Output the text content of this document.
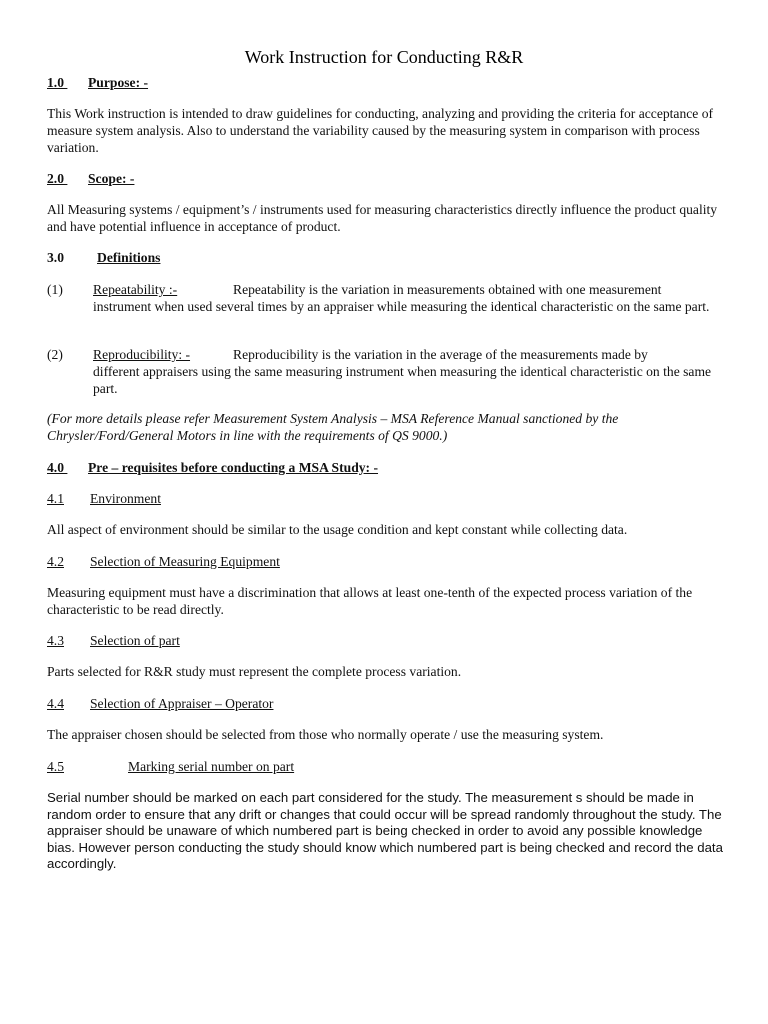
Work Instruction for Conducting R&R
1.0 Purpose: -
This Work instruction is intended to draw guidelines for conducting, analyzing and providing the criteria for acceptance of measure system analysis. Also to understand the variability caused by the measuring system in comparison with process variation.
2.0 Scope: -
All Measuring systems / equipment’s / instruments used for measuring characteristics directly influence the product quality and have potential influence in acceptance of product.
3.0 Definitions
(1) Repeatability :-	Repeatability is the variation in measurements obtained with one measurement
instrument when used several times by an appraiser while measuring the identical characteristic on the same part.
(2) Reproducibility: -	Reproducibility is the variation in the average of the measurements made by
different appraisers using the same measuring instrument when measuring the identical characteristic on the same part.
(For more details please refer Measurement System Analysis – MSA Reference Manual sanctioned by the Chrysler/Ford/General Motors in line with the requirements of QS 9000.)
4.0 Pre – requisites before conducting a MSA Study: -
4.1 Environment
All aspect of environment should be similar to the usage condition and kept constant while collecting data.
4.2 Selection of Measuring Equipment
Measuring equipment must have a discrimination that allows at least one-tenth of the expected process variation of the characteristic to be read directly.
4.3 Selection of part
Parts selected for R&R study must represent the complete process variation.
4.4 Selection of Appraiser – Operator
The appraiser chosen should be selected from those who normally operate / use the measuring system.
4.5	Marking serial number on part
Serial number should be marked on each part considered for the study. The measurement s should be made in random order to ensure that any drift or changes that could occur will be spread randomly throughout the study. The appraiser should be unaware of which numbered part is being checked in order to avoid any possible knowledge bias. However person conducting the study should know which numbered part is being checked and record the data accordingly.
